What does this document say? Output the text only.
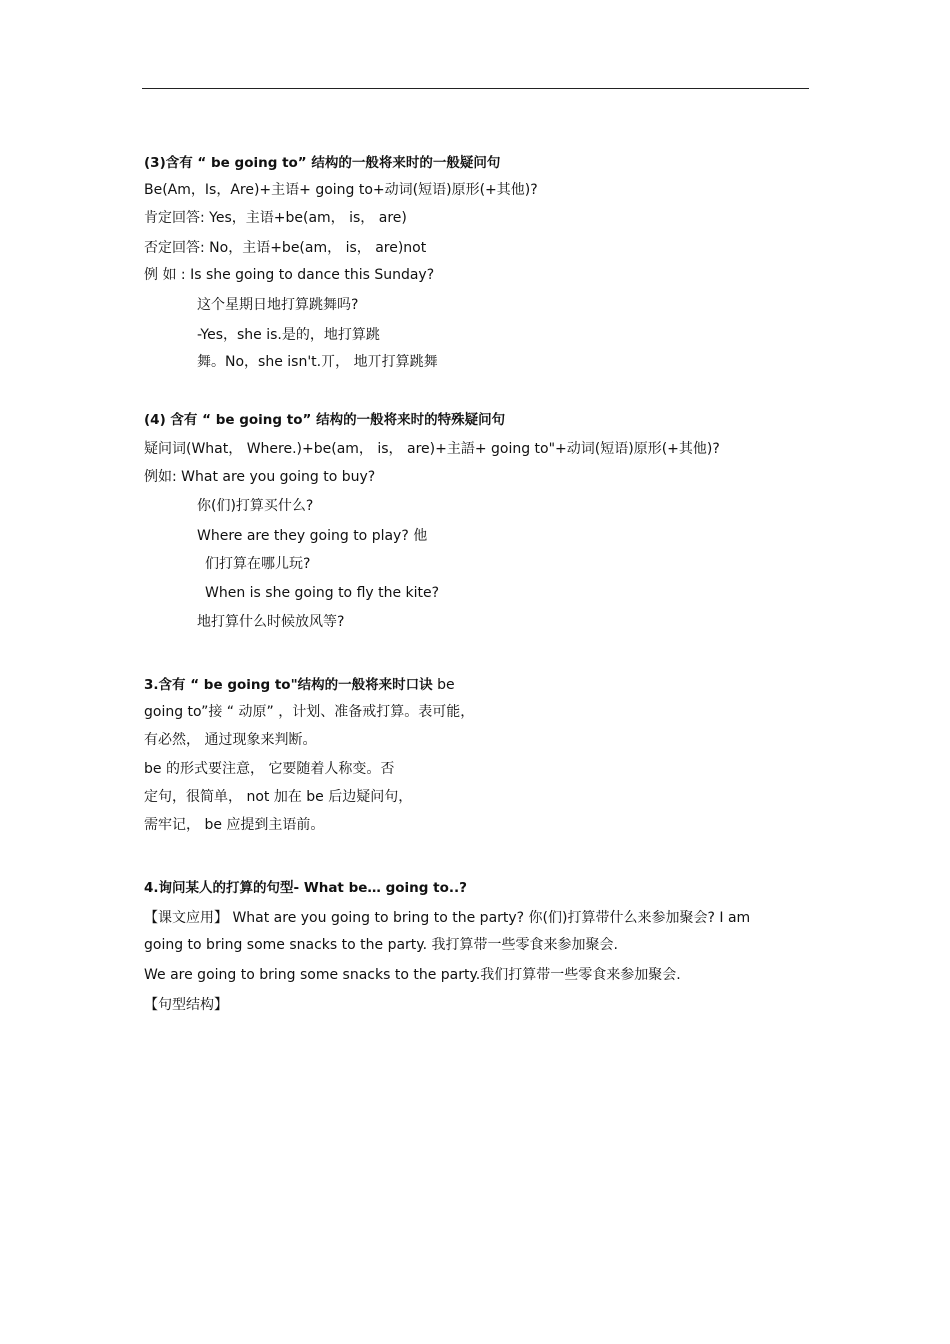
(3)含有 “ be going to” 结构的一般将来时的一般疑问句
Be(Am，Is，Are)+主语+ going to+动词(短语)原形(+其他)?
肯定回答: Yes，主语+be(am， is， are)
否定回答: No，主语+be(am， is， are)not
例 如 : Is she going to dance this Sunday?
这个星期日地打算跳舞吗?
-Yes，she is.是的，地打算跳
舞。No，she isn't.丌， 地丌打算跳舞
(4) 含有 “ be going to” 结构的一般将来时的特殊疑问句
疑问词(What， Where.)+be(am， is， are)+主語+ going to"+动词(短语)原形(+其他)?
例如: What are you going to buy?
你(们)打算买什么?
Where are they going to play? 他
们打算在哪儿玩?
When is she going to fly the kite?
地打算什么时候放风等?
3.含有 “ be going to"结构的一般将来时口诀 be
going to”接 “ 动原” ，计划、准备戒打算。表可能，
有必然， 通过现象来判断。
be 的形式要注意， 它要随着人称变。否
定句，很简单， not 加在 be 后边疑问句，
需牢记， be 应提到主语前。
4.询问某人的打算的句型- What be… going to..?
【课文应用】 What are you going to bring to the party? 你(们)打算带什么来参加聚会? I am
going to bring some snacks to the party. 我打算带一些零食来参加聚会.
We are going to bring some snacks to the party.我们打算带一些零食来参加聚会.
【句型结构】
